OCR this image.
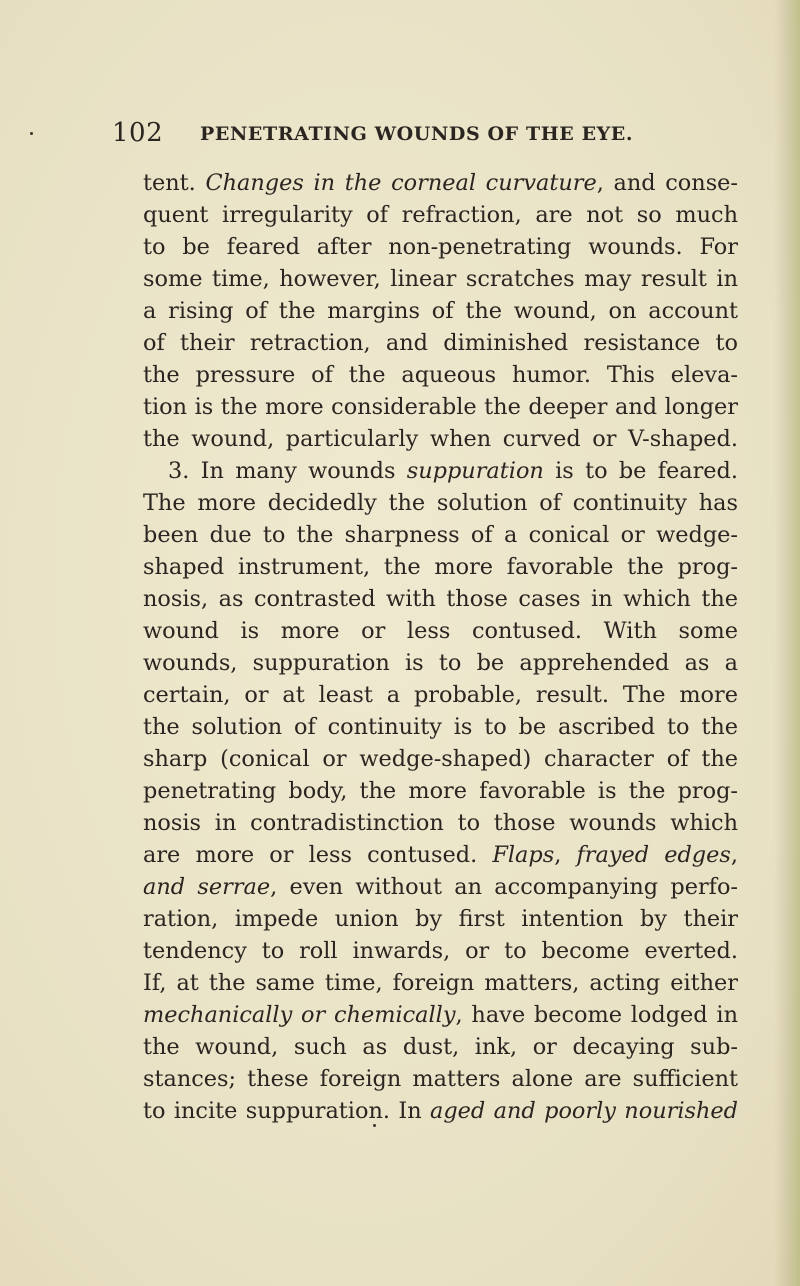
102 PENETRATING WOUNDS OF THE EYE.
tent. Changes in the corneal curvature, and conse-
quent irregularity of refraction, are not so much
to be feared after non-penetrating wounds. For
some time, however, linear scratches may result in
a rising of the margins of the wound, on account
of their retraction, and diminished resistance to
the pressure of the aqueous humor. This eleva-
tion is the more considerable the deeper and longer
the wound, particularly when curved or V-shaped.
3. In many wounds suppuration is to be feared.
The more decidedly the solution of continuity has
been due to the sharpness of a conical or wedge-
shaped instrument, the more favorable the prog-
nosis, as contrasted with those cases in which the
wound is more or less contused. With some
wounds, suppuration is to be apprehended as a
certain, or at least a probable, result. The more
the solution of continuity is to be ascribed to the
sharp (conical or wedge-shaped) character of the
penetrating body, the more favorable is the prog-
nosis in contradistinction to those wounds which
are more or less contused. Flaps, frayed edges,
and serrae, even without an accompanying perfo-
ration, impede union by first intention by their
tendency to roll inwards, or to become everted.
If, at the same time, foreign matters, acting either
mechanically or chemically, have become lodged in
the wound, such as dust, ink, or decaying sub-
stances; these foreign matters alone are sufficient
to incite suppuration. In aged and poorly nourished
